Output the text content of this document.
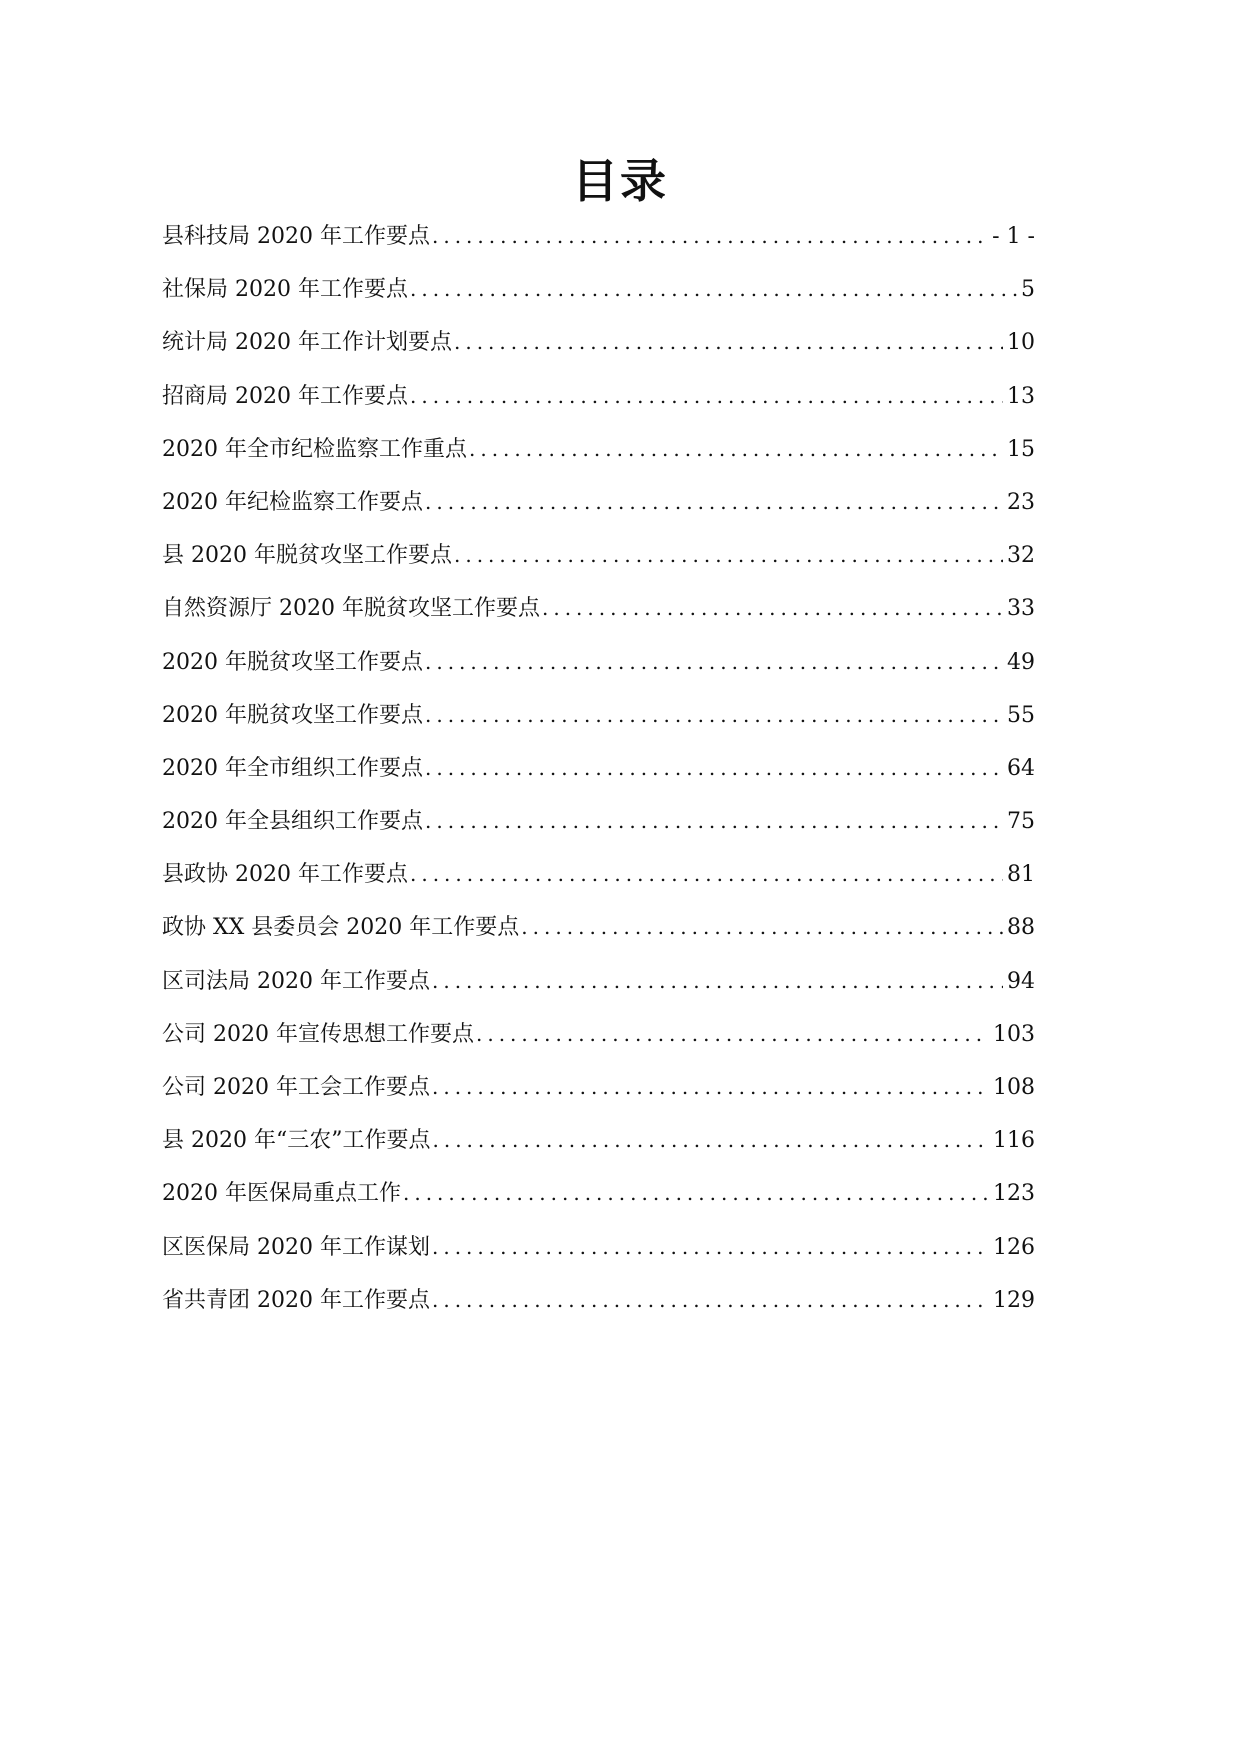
目录
县科技局 2020 年工作要点 .....	- 1 -
社保局 2020 年工作要点 .....	5
统计局 2020 年工作计划要点 .....	10
招商局 2020 年工作要点 .....	13
2020 年全市纪检监察工作重点 .....	15
2020 年纪检监察工作要点 .....	23
县 2020 年脱贫攻坚工作要点 .....	32
自然资源厅 2020 年脱贫攻坚工作要点 .....	33
2020 年脱贫攻坚工作要点 .....	49
2020 年脱贫攻坚工作要点 .....	55
2020 年全市组织工作要点 .....	64
2020 年全县组织工作要点 .....	75
县政协 2020 年工作要点 .....	81
政协 XX 县委员会 2020 年工作要点 .....	88
区司法局 2020 年工作要点 .....	94
公司 2020 年宣传思想工作要点 .....	103
公司 2020 年工会工作要点 .....	108
县 2020 年“三农”工作要点 .....	116
2020 年医保局重点工作 .....	123
区医保局 2020 年工作谋划 .....	126
省共青团 2020 年工作要点 .....	129
